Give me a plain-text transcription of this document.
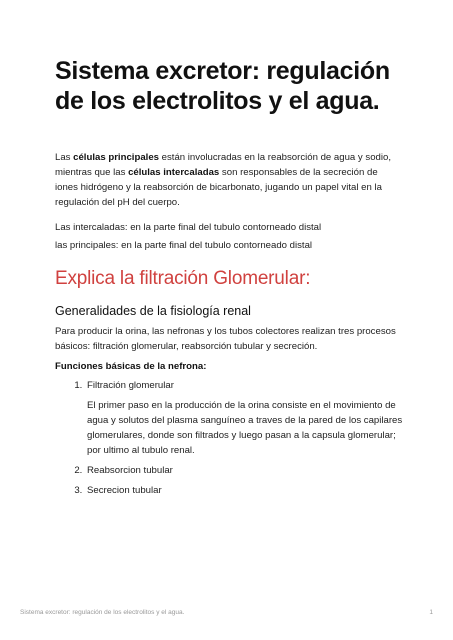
Sistema excretor: regulación de los electrolitos y el agua.
Las células principales están involucradas en la reabsorción de agua y sodio, mientras que las células intercaladas son responsables de la secreción de iones hidrógeno y la reabsorción de bicarbonato, jugando un papel vital en la regulación del pH del cuerpo.
Las intercaladas: en la parte final del tubulo contorneado distal
las principales: en la parte final del tubulo contorneado distal
Explica la filtración Glomerular:
Generalidades de la fisiología renal
Para producir la orina, las nefronas y los tubos colectores realizan tres procesos básicos: filtración glomerular, reabsorción tubular y secreción.
Funciones básicas de la nefrona:
1. Filtración glomerular
El primer paso en la producción de la orina consiste en el movimiento de agua y solutos del plasma sanguíneo a traves de la pared de los capilares glomerulares, donde son filtrados y luego pasan a la capsula glomerular; por ultimo al tubulo renal.
2. Reabsorcion tubular
3. Secrecion tubular
Sistema excretor: regulación de los electrolitos y el agua.	1
